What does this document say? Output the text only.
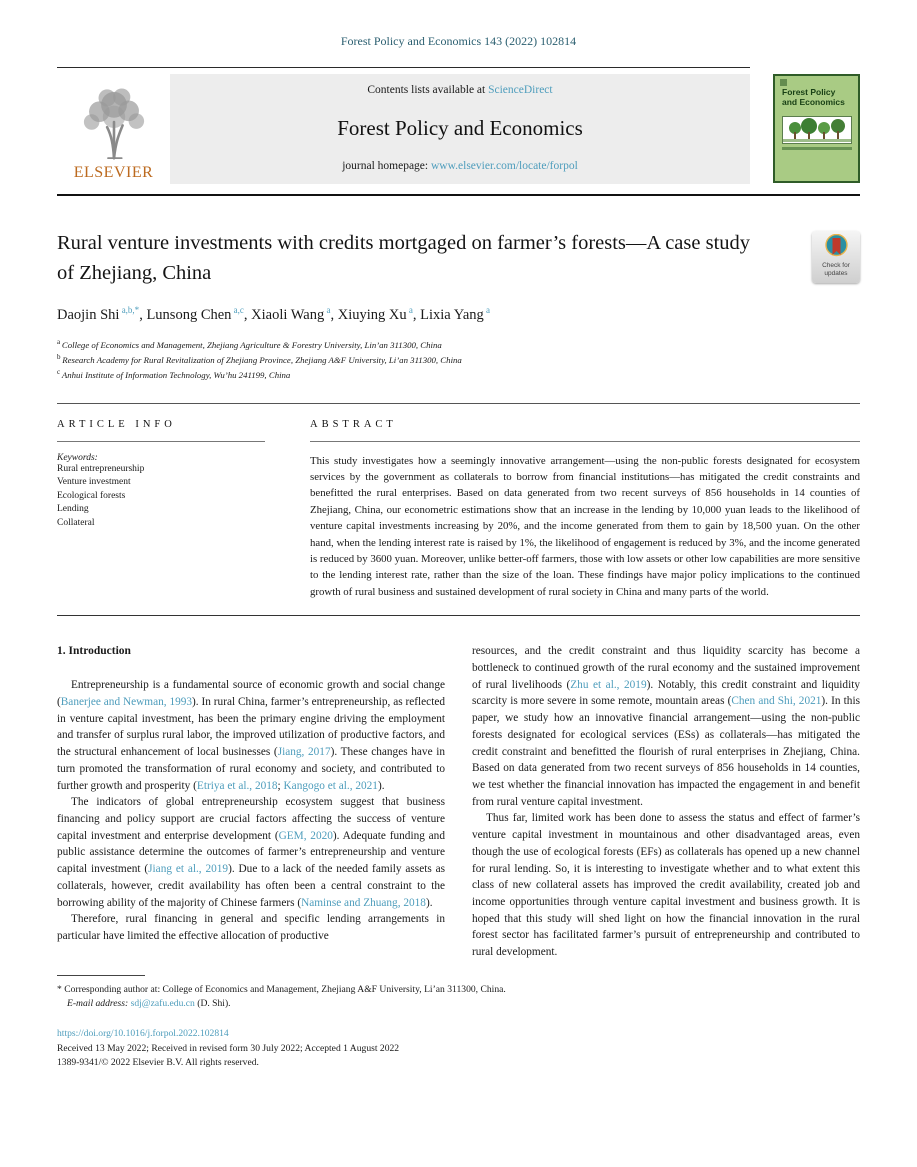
Forest Policy and Economics 143 (2022) 102814
ELSEVIER
Contents lists available at ScienceDirect
Forest Policy and Economics
journal homepage: www.elsevier.com/locate/forpol
Forest Policy and Economics
Rural venture investments with credits mortgaged on farmer’s forests—A case study of Zhejiang, China	Check for updates
Daojin Shi $^{a,b,*}$, Lunsong Chen $^{a,c}$, Xiaoli Wang $^a$, Xiuying Xu $^a$, Lixia Yang $^a$
$^a$ College of Economics and Management, Zhejiang Agriculture & Forestry University, Lin’an 311300, China
$^b$ Research Academy for Rural Revitalization of Zhejiang Province, Zhejiang A&F University, Li’an 311300, China
$^c$ Anhui Institute of Information Technology, Wu’hu 241199, China
ARTICLE INFO
Keywords:
Rural entrepreneurship
Venture investment
Ecological forests
Lending
Collateral
ABSTRACT
This study investigates how a seemingly innovative arrangement—using the non-public forests designated for ecosystem services by the government as collaterals to borrow from financial institutions—has mitigated the credit constraints and benefitted the rural enterprises. Based on data generated from two recent surveys of 856 households in 14 counties of Zhejiang, China, our econometric estimations show that an increase in the lending by 10,000 yuan leads to the likelihood of venture capital investments increasing by 20%, and the income generated from them to gain by 18,500 yuan. On the other hand, when the lending interest rate is raised by 1%, the likelihood of engagement is reduced by 3%, and the income generated is reduced by 3600 yuan. Moreover, unlike better-off farmers, those with low assets or other low capabilities are more sensitive to the lending interest rate, rather than the size of the loan. These findings have major policy implications to the continued growth of rural business and sustained development of rural society in China and many parts of the world.
1. Introduction

Entrepreneurship is a fundamental source of economic growth and social change (Banerjee and Newman, 1993). In rural China, farmer’s entrepreneurship, as reflected in venture capital investment, has been the primary engine driving the employment and transfer of surplus rural labor, the improved utilization of productive factors, and the structural enhancement of local businesses (Jiang, 2017). These changes have in turn promoted the transformation of rural economy and society, and contributed to further growth and prosperity (Etriya et al., 2018; Kangogo et al., 2021).

The indicators of global entrepreneurship ecosystem suggest that business financing and policy support are crucial factors affecting the success of venture capital investment and enterprise development (GEM, 2020). Adequate funding and public assistance determine the outcomes of farmer’s entrepreneurship and venture capital investment (Jiang et al., 2019). Due to a lack of the needed family assets as collaterals, however, credit availability has often been a central constraint to the borrowing ability of the majority of Chinese farmers (Naminse and Zhuang, 2018).

Therefore, rural financing in general and specific lending arrangements in particular have limited the effective allocation of productive

resources, and the credit constraint and thus liquidity scarcity has become a bottleneck to continued growth of the rural economy and the sustained improvement of rural livelihoods (Zhu et al., 2019). Notably, this credit constraint and liquidity scarcity is more severe in some remote, mountain areas (Chen and Shi, 2021). In this paper, we study how an innovative financial arrangement—using the non-public forests designated for ecological services (ESs) as collaterals—has mitigated the credit constraint and benefitted the flourish of rural enterprises in Zhejiang, China. Based on data generated from two recent surveys of 856 households in 14 counties, we test whether the financial innovation has impacted the engagement in and benefit from rural venture capital investment.

Thus far, limited work has been done to assess the status and effect of farmer’s venture capital investment in mountainous and other disadvantaged areas, even though the use of ecological forests (EFs) as collaterals has opened up a new channel for rural lending. So, it is interesting to investigate whether and to what extent this class of new collateral assets has improved the credit availability, created job and income opportunities through venture capital investment and business growth. It is hoped that this study will shed light on how the financial innovation in the rural forest sector has facilitated farmer’s pursuit of entrepreneurship and contributed to rural development.

* Corresponding author at: College of Economics and Management, Zhejiang A&F University, Li’an 311300, China.

E-mail address: sdj@zafu.edu.cn (D. Shi).

https://doi.org/10.1016/j.forpol.2022.102814
Received 13 May 2022; Received in revised form 30 July 2022; Accepted 1 August 2022
1389-9341/© 2022 Elsevier B.V. All rights reserved.
